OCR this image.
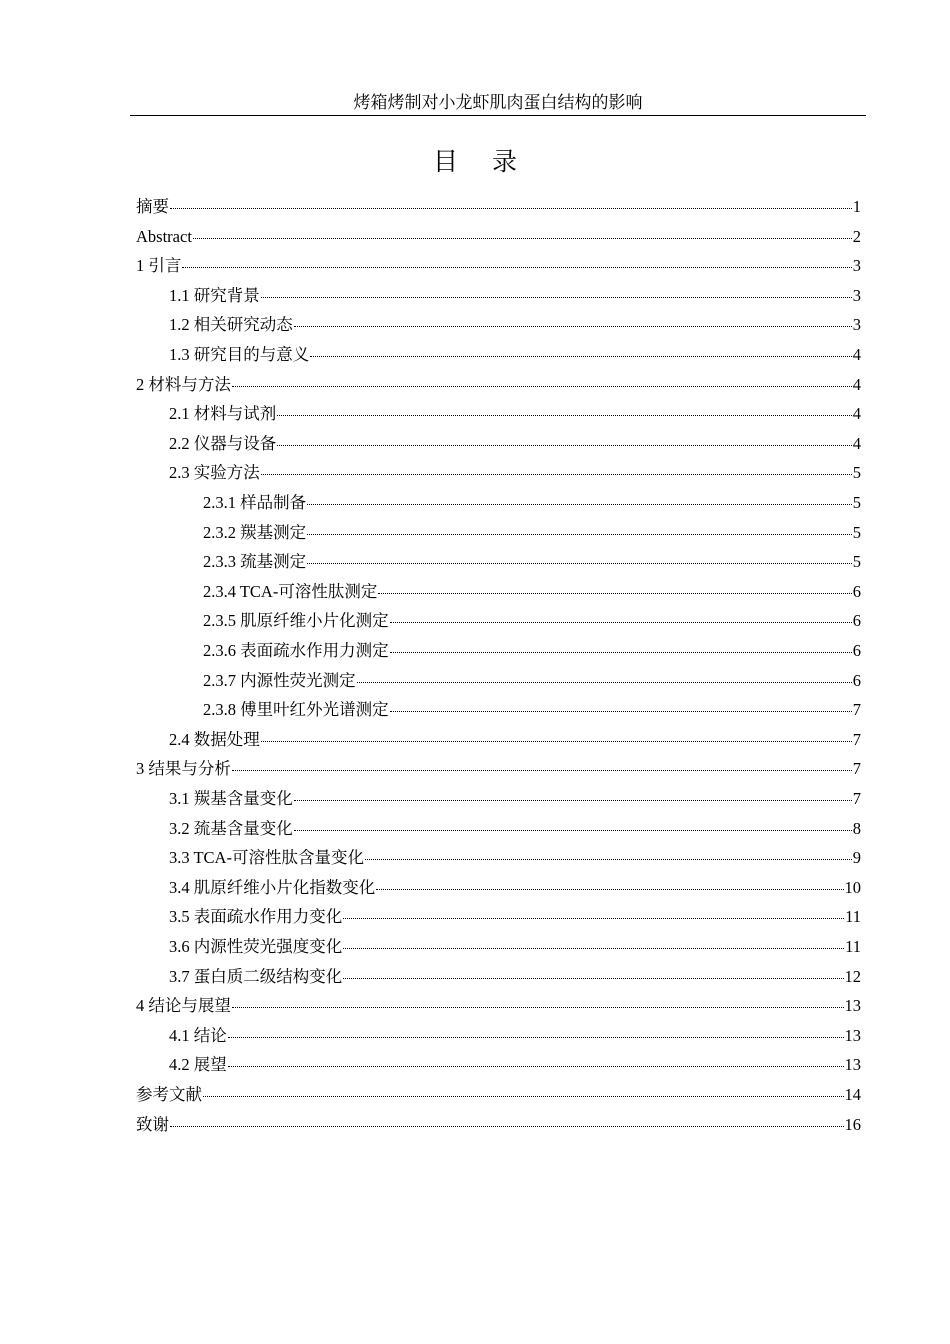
烤箱烤制对小龙虾肌肉蛋白结构的影响
目录
摘要	1
Abstract	2
1 引言	3
1.1 研究背景	3
1.2 相关研究动态	3
1.3 研究目的与意义	4
2 材料与方法	4
2.1 材料与试剂	4
2.2 仪器与设备	4
2.3 实验方法	5
2.3.1 样品制备	5
2.3.2 羰基测定	5
2.3.3 巯基测定	5
2.3.4 TCA-可溶性肽测定	6
2.3.5 肌原纤维小片化测定	6
2.3.6 表面疏水作用力测定	6
2.3.7 内源性荧光测定	6
2.3.8 傅里叶红外光谱测定	7
2.4 数据处理	7
3 结果与分析	7
3.1 羰基含量变化	7
3.2 巯基含量变化	8
3.3 TCA-可溶性肽含量变化	9
3.4 肌原纤维小片化指数变化	10
3.5 表面疏水作用力变化	11
3.6 内源性荧光强度变化	11
3.7 蛋白质二级结构变化	12
4 结论与展望	13
4.1 结论	13
4.2 展望	13
参考文献	14
致谢	16
